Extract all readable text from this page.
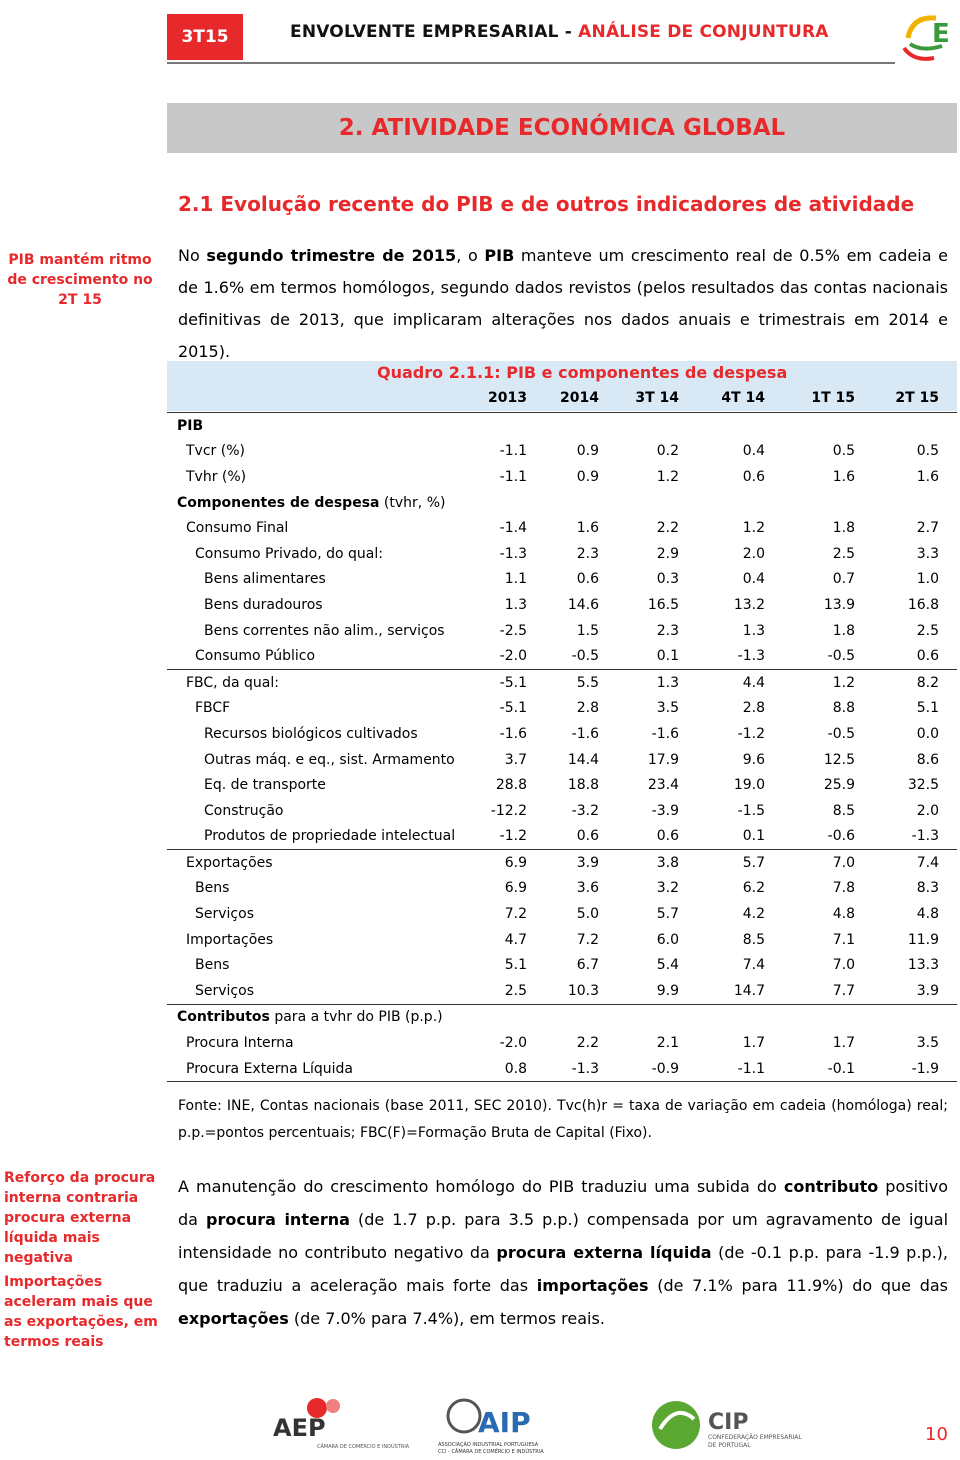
3T15	ENVOLVENTE EMPRESARIAL - ANÁLISE DE CONJUNTURA	E
2. ATIVIDADE ECONÓMICA GLOBAL
2.1 Evolução recente do PIB e de outros indicadores de atividade
PIB mantém ritmo de crescimento no 2T 15
Reforço da procura interna contraria procura externa líquida mais negativa
Importações aceleram mais que as exportações, em termos reais
No segundo trimestre de 2015, o PIB manteve um crescimento real de 0.5% em cadeia e de 1.6% em termos homólogos, segundo dados revistos (pelos resultados das contas nacionais definitivas de 2013, que implicaram alterações nos dados anuais e trimestrais em 2014 e 2015).
Quadro 2.1.1: PIB e componentes de despesa
	2013	2014	3T 14	4T 14	1T 15	2T 15
PIB						
Tvcr (%)	-1.1	0.9	0.2	0.4	0.5	0.5
Tvhr (%)	-1.1	0.9	1.2	0.6	1.6	1.6
Componentes de despesa (tvhr, %)						
Consumo Final	-1.4	1.6	2.2	1.2	1.8	2.7
Consumo Privado, do qual:	-1.3	2.3	2.9	2.0	2.5	3.3
Bens alimentares	1.1	0.6	0.3	0.4	0.7	1.0
Bens duradouros	1.3	14.6	16.5	13.2	13.9	16.8
Bens correntes não alim., serviços	-2.5	1.5	2.3	1.3	1.8	2.5
Consumo Público	-2.0	-0.5	0.1	-1.3	-0.5	0.6
FBC, da qual:	-5.1	5.5	1.3	4.4	1.2	8.2
FBCF	-5.1	2.8	3.5	2.8	8.8	5.1
Recursos biológicos cultivados	-1.6	-1.6	-1.6	-1.2	-0.5	0.0
Outras máq. e eq., sist. Armamento	3.7	14.4	17.9	9.6	12.5	8.6
Eq. de transporte	28.8	18.8	23.4	19.0	25.9	32.5
Construção	-12.2	-3.2	-3.9	-1.5	8.5	2.0
Produtos de propriedade intelectual	-1.2	0.6	0.6	0.1	-0.6	-1.3
Exportações	6.9	3.9	3.8	5.7	7.0	7.4
Bens	6.9	3.6	3.2	6.2	7.8	8.3
Serviços	7.2	5.0	5.7	4.2	4.8	4.8
Importações	4.7	7.2	6.0	8.5	7.1	11.9
Bens	5.1	6.7	5.4	7.4	7.0	13.3
Serviços	2.5	10.3	9.9	14.7	7.7	3.9
Contributos para a tvhr do PIB (p.p.)						
Procura Interna	-2.0	2.2	2.1	1.7	1.7	3.5
Procura Externa Líquida	0.8	-1.3	-0.9	-1.1	-0.1	-1.9
Fonte: INE, Contas nacionais (base 2011, SEC 2010). Tvc(h)r = taxa de variação em cadeia (homóloga) real; p.p.=pontos percentuais; FBC(F)=Formação Bruta de Capital (Fixo).
A manutenção do crescimento homólogo do PIB traduziu uma subida do contributo positivo da procura interna (de 1.7 p.p. para 3.5 p.p.) compensada por um agravamento de igual intensidade no contributo negativo da procura externa líquida (de -0.1 p.p. para -1.9 p.p.), que traduziu a aceleração mais forte das importações (de 7.1% para 11.9%) do que das exportações (de 7.0% para 7.4%), em termos reais.
AEP
CÂMARA DE COMÉRCIO E INDÚSTRIA
AIP
ASSOCIAÇÃO INDUSTRIAL PORTUGUESA
CCI - CÂMARA DE COMÉRCIO E INDÚSTRIA
CIP
CONFEDERAÇÃO EMPRESARIAL
DE PORTUGAL
10
